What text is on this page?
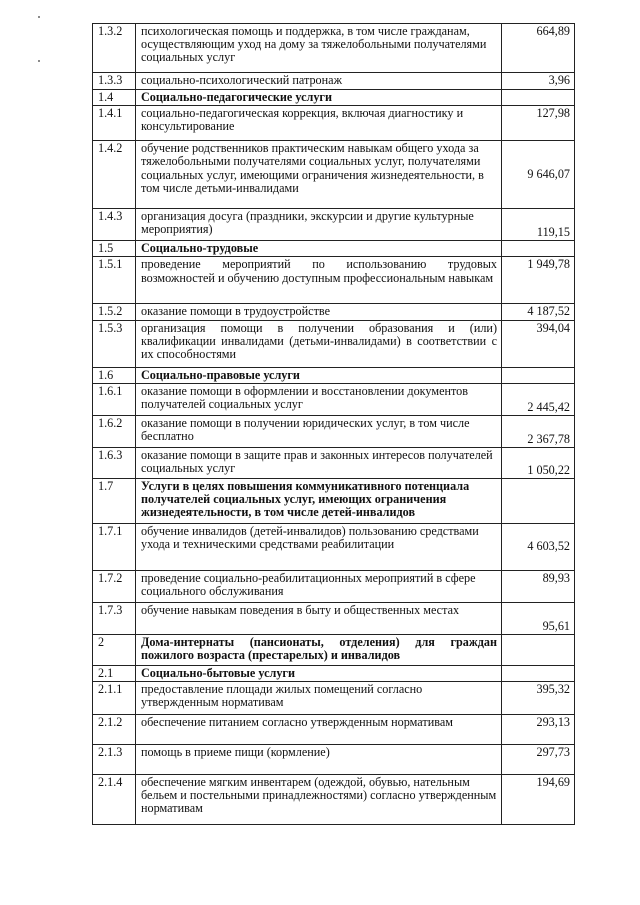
1.3.2	психологическая помощь и поддержка, в том числе гражданам, осуществляющим уход на дому за тяжелобольными получателями социальных услуг	664,89
1.3.3	социально-психологический патронаж	3,96
1.4	Социально-педагогические услуги	
1.4.1	социально-педагогическая коррекция, включая диагностику и консультирование	127,98
1.4.2	обучение родственников практическим навыкам общего ухода за тяжелобольными получателями социальных услуг, получателями социальных услуг, имеющими ограничения жизнедеятельности, в том числе детьми-инвалидами	9 646,07
1.4.3	организация досуга (праздники, экскурсии и другие культурные мероприятия)	119,15
1.5	Социально-трудовые	
1.5.1	проведение мероприятий по использованию трудовых возможностей и обучению доступным профессиональным навыкам	1 949,78
1.5.2	оказание помощи в трудоустройстве	4 187,52
1.5.3	организация помощи в получении образования и (или) квалификации инвалидами (детьми-инвалидами) в соответствии с их способностями	394,04
1.6	Социально-правовые услуги	
1.6.1	оказание помощи в оформлении и восстановлении документов получателей социальных услуг	2 445,42
1.6.2	оказание помощи в получении юридических услуг, в том числе бесплатно	2 367,78
1.6.3	оказание помощи в защите прав и законных интересов получателей социальных услуг	1 050,22
1.7	Услуги в целях повышения коммуникативного потенциала получателей социальных услуг, имеющих ограничения жизнедеятельности, в том числе детей-инвалидов	
1.7.1	обучение инвалидов (детей-инвалидов) пользованию средствами ухода и техническими средствами реабилитации	4 603,52
1.7.2	проведение социально-реабилитационных мероприятий в сфере социального обслуживания	89,93
1.7.3	обучение навыкам поведения в быту и общественных местах	95,61
2	Дома-интернаты (пансионаты, отделения) для граждан пожилого возраста (престарелых) и инвалидов	
2.1	Социально-бытовые услуги	
2.1.1	предоставление площади жилых помещений согласно утвержденным нормативам	395,32
2.1.2	обеспечение питанием согласно утвержденным нормативам	293,13
2.1.3	помощь в приеме пищи (кормление)	297,73
2.1.4	обеспечение мягким инвентарем (одеждой, обувью, нательным бельем и постельными принадлежностями) согласно утвержденным нормативам	194,69
